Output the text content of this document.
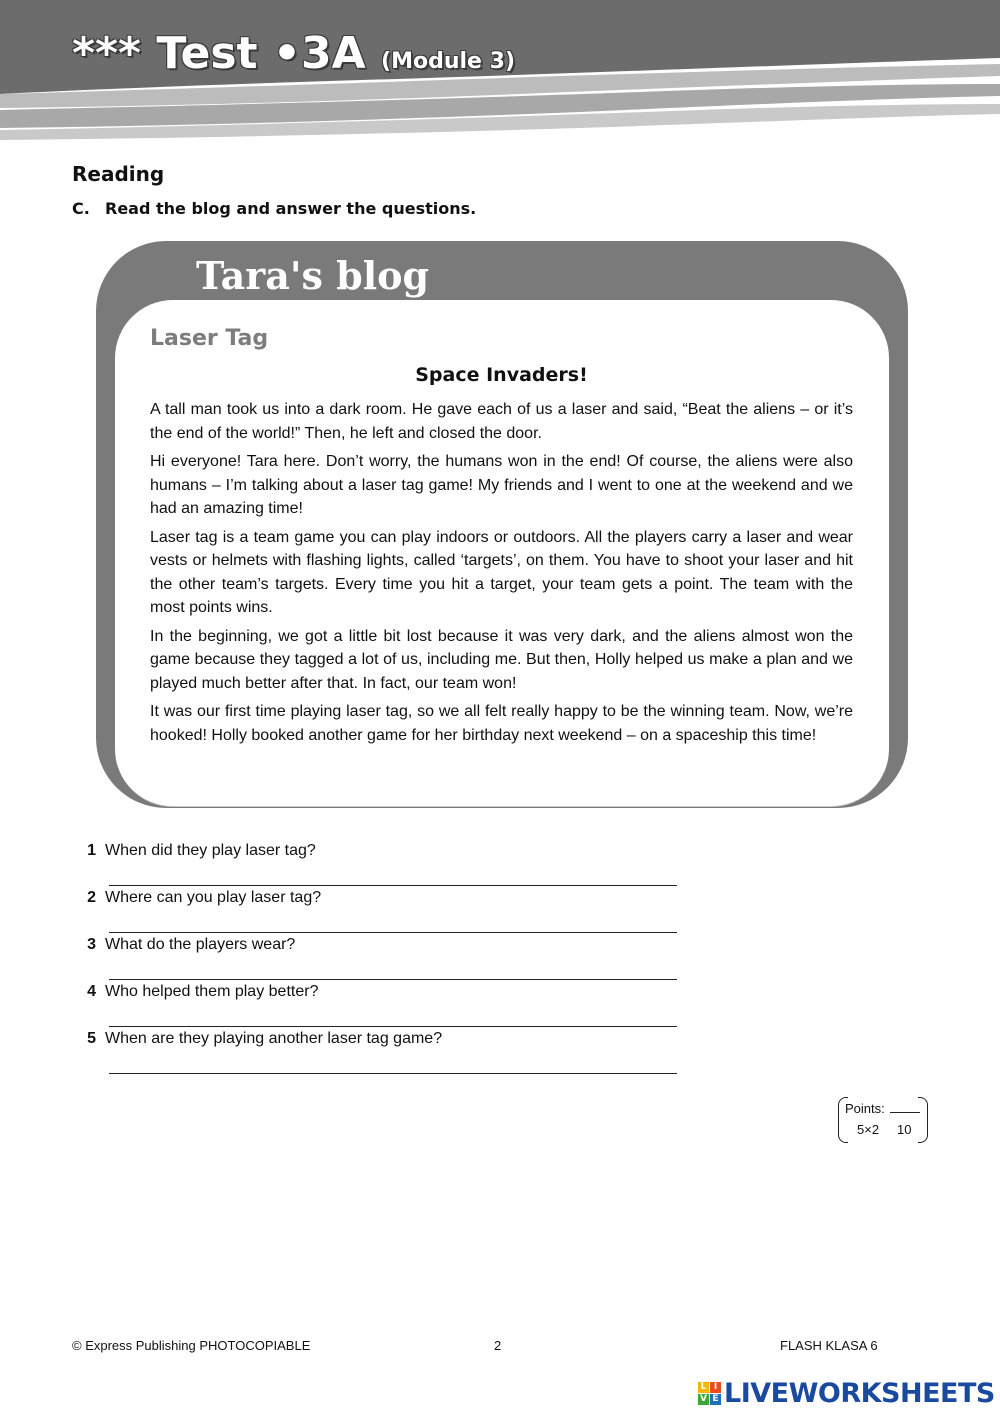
*** Test •3A (Module 3)
Reading
C. Read the blog and answer the questions.
Tara's blog
Laser Tag
Space Invaders!

A tall man took us into a dark room. He gave each of us a laser and said, “Beat the aliens – or it’s the end of the world!” Then, he left and closed the door.

Hi everyone! Tara here. Don’t worry, the humans won in the end! Of course, the aliens were also humans – I’m talking about a laser tag game! My friends and I went to one at the weekend and we had an amazing time!

Laser tag is a team game you can play indoors or outdoors. All the players carry a laser and wear vests or helmets with flashing lights, called ‘targets’, on them. You have to shoot your laser and hit the other team’s targets. Every time you hit a target, your team gets a point. The team with the most points wins.

In the beginning, we got a little bit lost because it was very dark, and the aliens almost won the game because they tagged a lot of us, including me. But then, Holly helped us make a plan and we played much better after that. In fact, our team won!

It was our first time playing laser tag, so we all felt really happy to be the winning team. Now, we’re hooked! Holly booked another game for her birthday next weekend – on a spaceship this time!

1 When did they play laser tag?
2 Where can you play laser tag?
3 What do the players wear?
4 Who helped them play better?
5 When are they playing another laser tag game?
Points:
5×2 10
© Express Publishing PHOTOCOPIABLE	2	FLASH KLASA 6
L I
V E LIVEWORKSHEETS
